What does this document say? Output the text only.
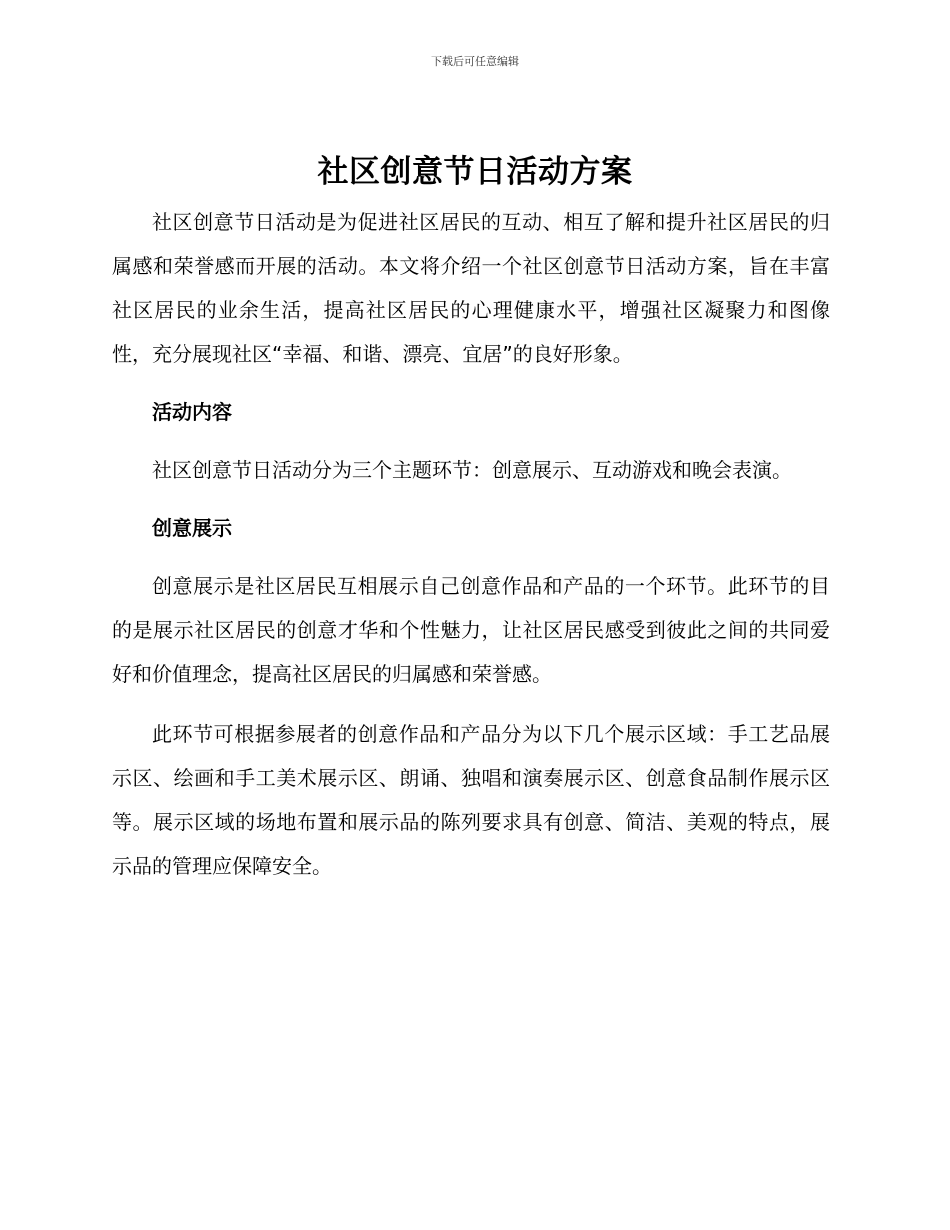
下载后可任意编辑
社区创意节日活动方案

社区创意节日活动是为促进社区居民的互动、相互了解和提升社区居民的归属感和荣誉感而开展的活动。本文将介绍一个社区创意节日活动方案，旨在丰富社区居民的业余生活，提高社区居民的心理健康水平，增强社区凝聚力和图像性，充分展现社区“幸福、和谐、漂亮、宜居”的良好形象。

活动内容

社区创意节日活动分为三个主题环节：创意展示、互动游戏和晚会表演。

创意展示

创意展示是社区居民互相展示自己创意作品和产品的一个环节。此环节的目的是展示社区居民的创意才华和个性魅力，让社区居民感受到彼此之间的共同爱好和价值理念，提高社区居民的归属感和荣誉感。

此环节可根据参展者的创意作品和产品分为以下几个展示区域：手工艺品展示区、绘画和手工美术展示区、朗诵、独唱和演奏展示区、创意食品制作展示区等。展示区域的场地布置和展示品的陈列要求具有创意、简洁、美观的特点，展示品的管理应保障安全。
